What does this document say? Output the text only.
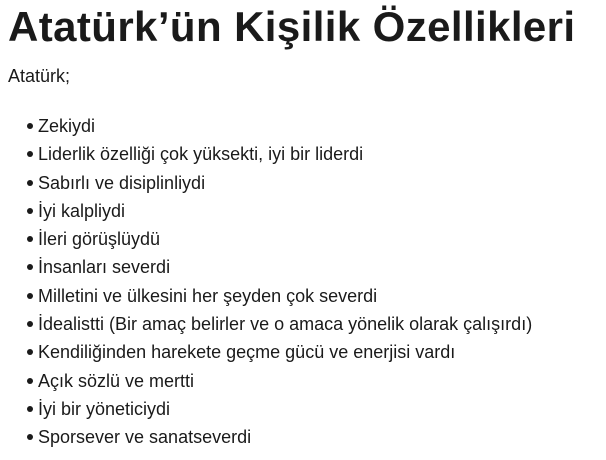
Atatürk’ün Kişilik Özellikleri

Atatürk;

Zekiydi
Liderlik özelliği çok yüksekti, iyi bir liderdi
Sabırlı ve disiplinliydi
İyi kalpliydi
İleri görüşlüydü
İnsanları severdi
Milletini ve ülkesini her şeyden çok severdi
İdealistti (Bir amaç belirler ve o amaca yönelik olarak çalışırdı)
Kendiliğinden harekete geçme gücü ve enerjisi vardı
Açık sözlü ve mertti
İyi bir yöneticiydi
Sporsever ve sanatseverdi
